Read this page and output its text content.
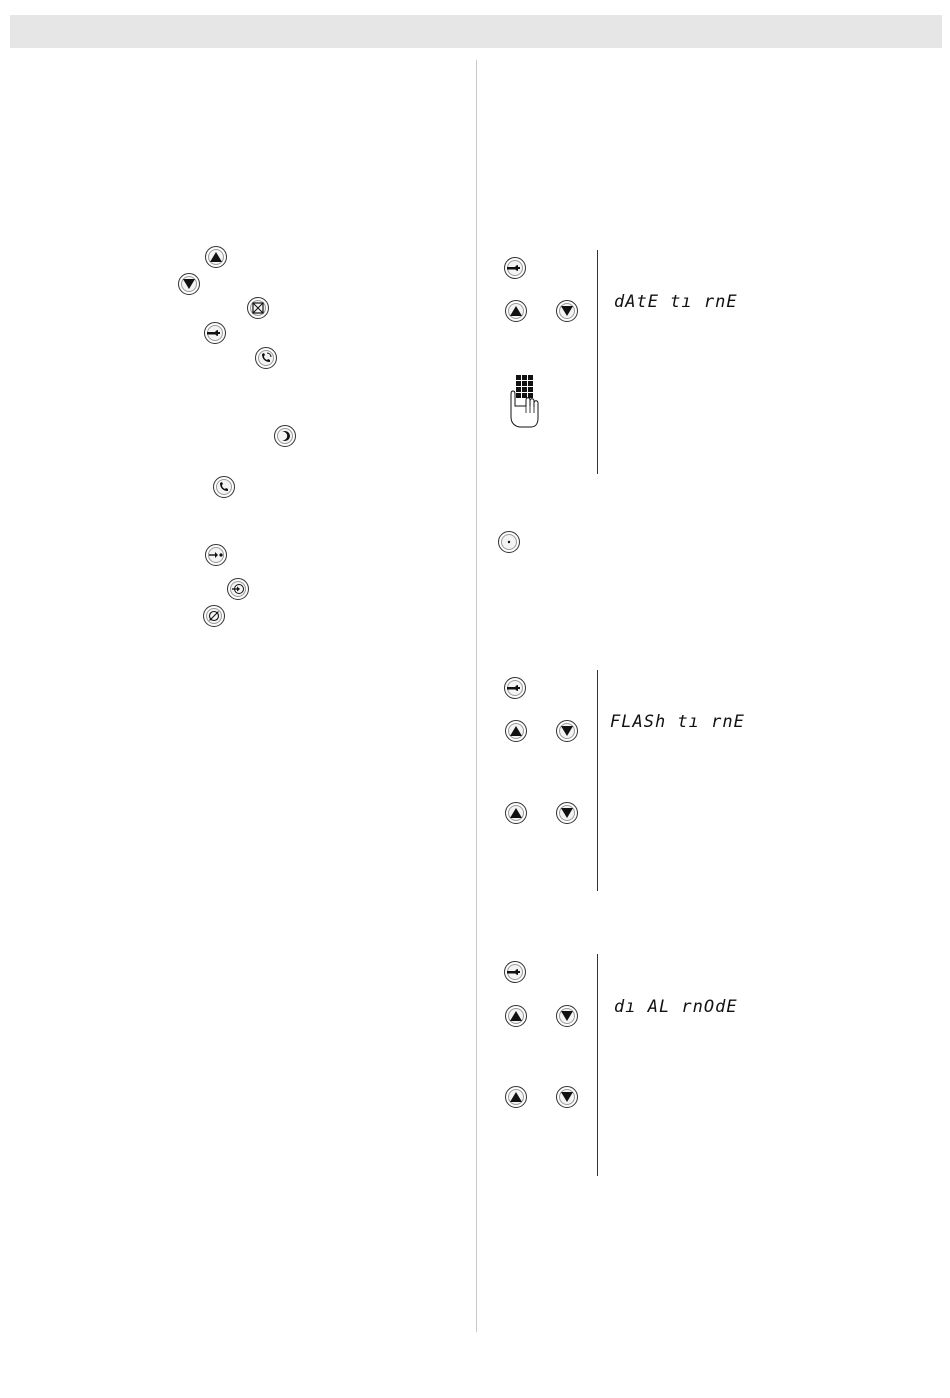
dAtE tı rnE
FLASh tı rnE
dı AL rnOdE
